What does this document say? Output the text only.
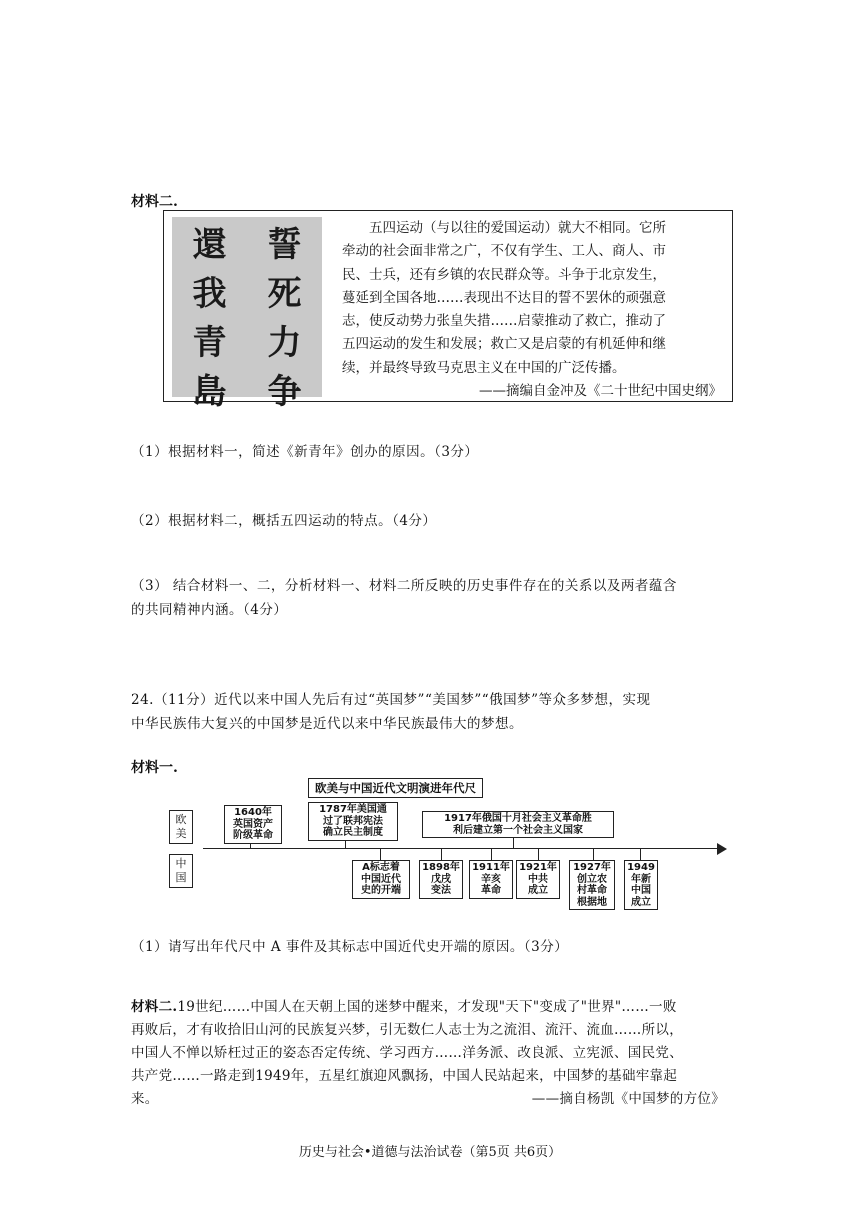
材料二.
還
我
青
島
誓
死
力
争

五四运动（与以往的爱国运动）就大不相同。它所

牵动的社会面非常之广，不仅有学生、工人、商人、市

民、士兵，还有乡镇的农民群众等。斗争于北京发生，

蔓延到全国各地……表现出不达目的誓不罢休的顽强意

志，使反动势力张皇失措……启蒙推动了救亡，推动了

五四运动的发生和发展；救亡又是启蒙的有机延伸和继

续，并最终导致马克思主义在中国的广泛传播。

——摘编自金冲及《二十世纪中国史纲》

（1）根据材料一，简述《新青年》创办的原因。（3分）
（2）根据材料二，概括五四运动的特点。（4分）
（3） 结合材料一、二，分析材料一、材料二所反映的历史事件存在的关系以及两者蕴含
的共同精神内涵。（4分）
24.（11分）近代以来中国人先后有过“英国梦”“美国梦”“俄国梦”等众多梦想，实现
中华民族伟大复兴的中国梦是近代以来中华民族最伟大的梦想。
材料一.
欧美与中国近代文明演进年代尺
欧
美
中
国
1640年
英国资产
阶级革命
1787年美国通
过了联邦宪法
确立民主制度
1917年俄国十月社会主义革命胜
利后建立第一个社会主义国家
A标志着
中国近代
史的开端
1898年
戊戌
变法
1911年
辛亥
革命
1921年
中共
成立
1927年
创立农
村革命
根据地
1949
年新
中国
成立
（1）请写出年代尺中 A 事件及其标志中国近代史开端的原因。（3分）
材料二.19世纪……中国人在天朝上国的迷梦中醒来，才发现"天下"变成了"世界"……一败
再败后，才有收拾旧山河的民族复兴梦，引无数仁人志士为之流泪、流汗、流血……所以，
中国人不惮以矫枉过正的姿态否定传统、学习西方……洋务派、改良派、立宪派、国民党、
共产党……一路走到1949年，五星红旗迎风飘扬，中国人民站起来，中国梦的基础牢靠起
来。	——摘自杨凯《中国梦的方位》
历史与社会•道德与法治试卷（第5页 共6页）
